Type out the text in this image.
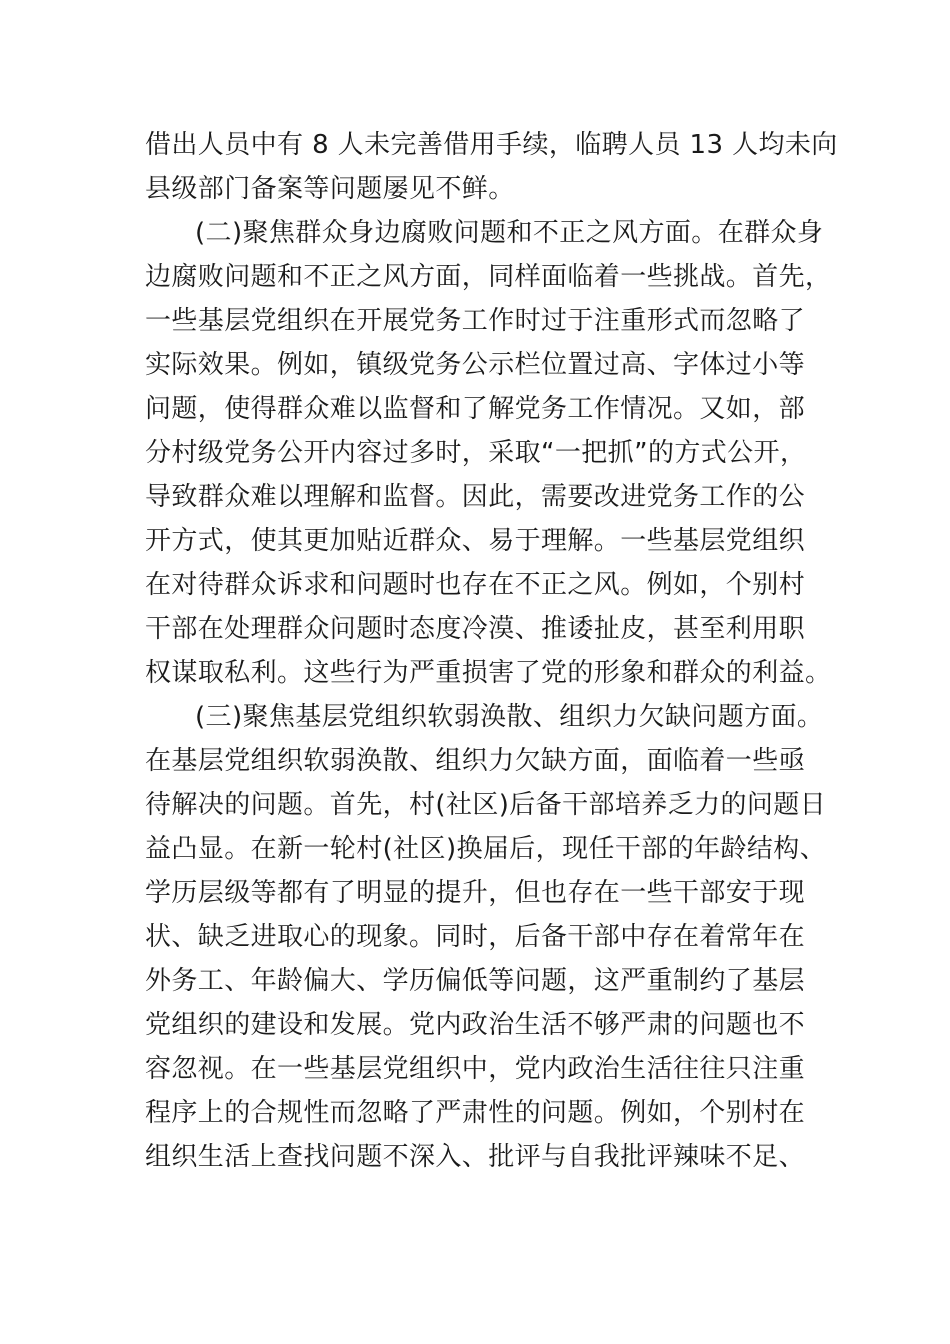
借出人员中有 8 人未完善借用手续，临聘人员 13 人均未向

县级部门备案等问题屡见不鲜。

(二)聚焦群众身边腐败问题和不正之风方面。在群众身

边腐败问题和不正之风方面，同样面临着一些挑战。首先，

一些基层党组织在开展党务工作时过于注重形式而忽略了

实际效果。例如，镇级党务公示栏位置过高、字体过小等

问题，使得群众难以监督和了解党务工作情况。又如，部

分村级党务公开内容过多时，采取“一把抓”的方式公开，

导致群众难以理解和监督。因此，需要改进党务工作的公

开方式，使其更加贴近群众、易于理解。一些基层党组织

在对待群众诉求和问题时也存在不正之风。例如，个别村

干部在处理群众问题时态度冷漠、推诿扯皮，甚至利用职

权谋取私利。这些行为严重损害了党的形象和群众的利益。

(三)聚焦基层党组织软弱涣散、组织力欠缺问题方面。

在基层党组织软弱涣散、组织力欠缺方面，面临着一些亟

待解决的问题。首先，村(社区)后备干部培养乏力的问题日

益凸显。在新一轮村(社区)换届后，现任干部的年龄结构、

学历层级等都有了明显的提升，但也存在一些干部安于现

状、缺乏进取心的现象。同时，后备干部中存在着常年在

外务工、年龄偏大、学历偏低等问题，这严重制约了基层

党组织的建设和发展。党内政治生活不够严肃的问题也不

容忽视。在一些基层党组织中，党内政治生活往往只注重

程序上的合规性而忽略了严肃性的问题。例如，个别村在

组织生活上查找问题不深入、批评与自我批评辣味不足、
